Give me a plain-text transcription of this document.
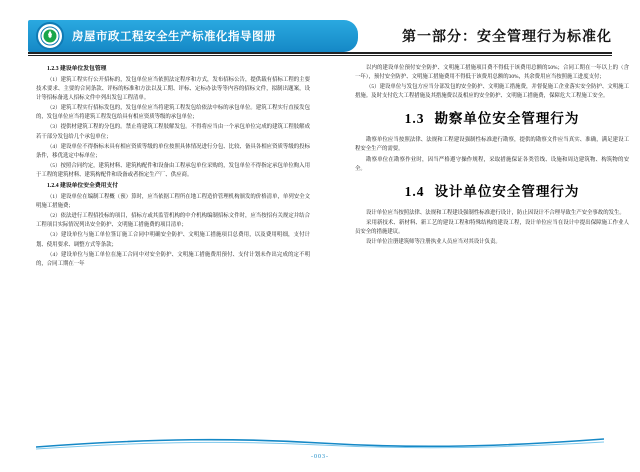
房屋市政工程安全生产标准化指导图册	第一部分：安全管理行为标准化
1.2.3 建设单位发包管理

（1）建筑工程实行公开招标的，发包单位应当依照法定程序和方式，发布招标公告，提供载有招标工程的主要技术要求、主要的合同条款、评标的标准和方法以及工期、评标、定标办法等等内容的招标文件，拟制出题案，设计等招标备选人招标文件中列出发包工程清单。

（2）建筑工程实行招标发包的，发包单位应当将建筑工程发包给依法中标的承包单位。建筑工程实行直接发包的，发包单位应当将建筑工程发包给具有相应资质等级的承包单位；

（3）提供材建筑工程的分包的。禁止将建筑工程肢解发包。不得将应当由一个承包单位完成的建筑工程肢解成若干部分发包给几个承包单位；

（4）建设单位不得指标未具有相应资质等级的单位按照具体情况进行分包、比较、备具各相应资质等级的投标条件，移优选定中标单位；

（5）按照合同约定，建筑材料、建筑构配件和设备由工程承包单位采购的，发包单位不得指定承包单位购入用于工程的建筑材料、建筑构配件和设备或者指定生产厂、供应商。

1.2.4 建设单位安全费用支付

（1）建设单位在编制工程概（预）算时，应当依据工程所在地工程造价管理机构颁发的价格清单，单列安全文明施工措施费；

（2）依法进行工程招投标的项目，招标方或其监管机构的中介机构编制招标文件时，应当按招有关规定并结合工程项目实际情况列出安全防护、文明施工措施费的项目清单；

（3）建设单位与施工单位签订施工合同中明确安全防护、文明施工措施项目总费用，以及费用明细，支付计划、使用要求、调整方式等条款；

（4）建设单位与施工单位在施工合同中对安全防护、文明施工措施费用预付、支付计划未作出完成的定不明的，合同工期在一年

以内的建设单位预付安全防护、文明施工措施项目费不得低于该费用总额的50%；合同工期在一年以上的（含一年），预付安全防护、文明施工措施费用不得低于该费用总额的30%，其余费用应当按照施工进度支付；

（5）建设单位与发包方应当分部发包的安全防护、文明施工措施费，并督促施工企业落实安全防护、文明施工措施。及时支付危大工程措施及其措施费以及相应的安全防护、文明施工措施费，保障危大工程施工安全。

1.3 勘察单位安全管理行为

勘察单位应当按照法律、法规和工程建设强制性标准进行勘察，提供的勘察文件应当真实、准确，满足建设工程安全生产的需要。

勘察单位在勘察作业时，因当严格遵守操作规程，采取措施保证各类管线、设施和周边建筑物、构筑物的安全。

1.4 设计单位安全管理行为

设计单位应当按照法律、法规和工程建设强制性标准进行设计，防止因设计不合理导致生产安全事故的发生。

采用新技术、新材料、新工艺的建设工程和特殊结构的建设工程，设计单位应当在设计中提出保障施工作业人员安全的措施建议。

设计单位注册建筑师等注册执业人员应当对其设计负责。

-003-
